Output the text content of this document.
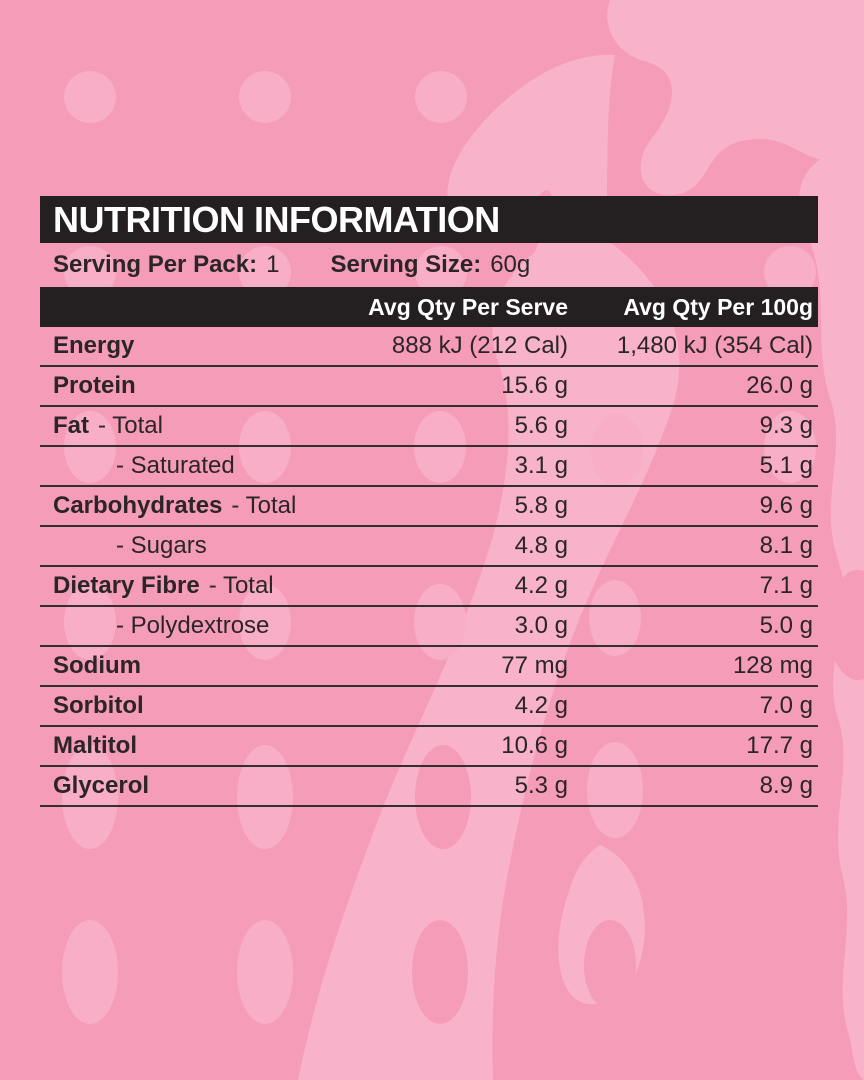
NUTRITION INFORMATION
Serving Per Pack: 1 Serving Size: 60g
Avg Qty Per Serve	Avg Qty Per 100g
Energy	888 kJ (212 Cal)	1,480 kJ (354 Cal)
Protein	15.6 g	26.0 g
Fat - Total	5.6 g	9.3 g
- Saturated	3.1 g	5.1 g
Carbohydrates - Total	5.8 g	9.6 g
- Sugars	4.8 g	8.1 g
Dietary Fibre - Total	4.2 g	7.1 g
- Polydextrose	3.0 g	5.0 g
Sodium	77 mg	128 mg
Sorbitol	4.2 g	7.0 g
Maltitol	10.6 g	17.7 g
Glycerol	5.3 g	8.9 g
